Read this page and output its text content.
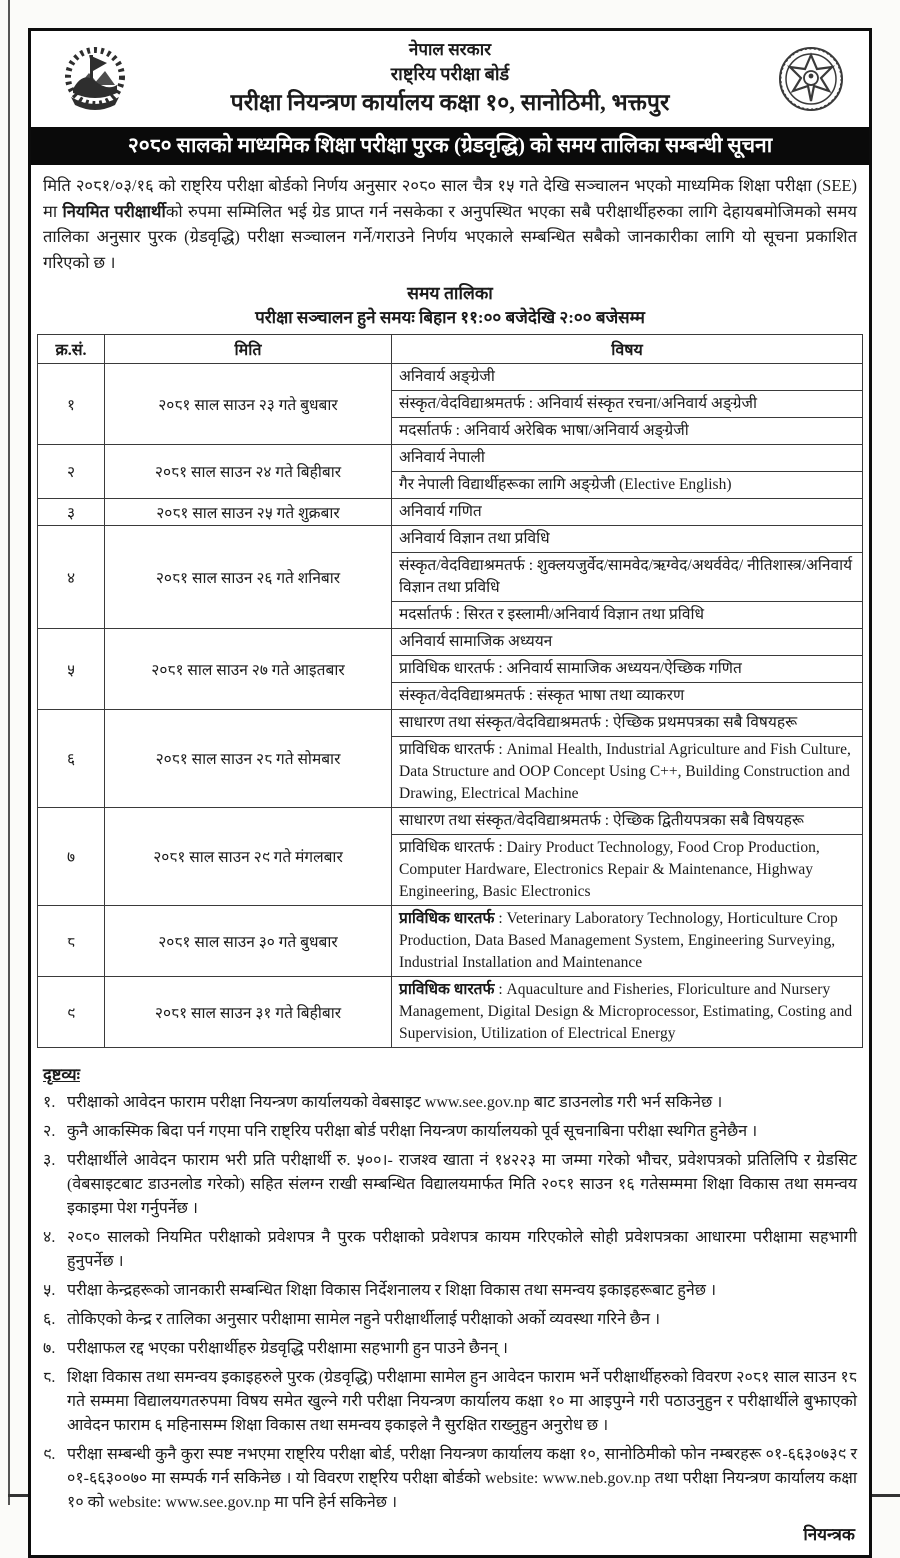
नेपाल सरकार
राष्ट्रिय परीक्षा बोर्ड
परीक्षा नियन्त्रण कार्यालय कक्षा १०, सानोठिमी, भक्तपुर
२०८० सालको माध्यमिक शिक्षा परीक्षा पुरक (ग्रेडवृद्धि) को समय तालिका सम्बन्धी सूचना
मिति २०८१/०३/१६ को राष्ट्रिय परीक्षा बोर्डको निर्णय अनुसार २०८० साल चैत्र १५ गते देखि सञ्चालन भएको माध्यमिक शिक्षा परीक्षा (SEE) मा नियमित परीक्षार्थीको रुपमा सम्मिलित भई ग्रेड प्राप्त गर्न नसकेका र अनुपस्थित भएका सबै परीक्षार्थीहरुका लागि देहायबमोजिमको समय तालिका अनुसार पुरक (ग्रेडवृद्धि) परीक्षा सञ्चालन गर्ने/गराउने निर्णय भएकाले सम्बन्धित सबैको जानकारीका लागि यो सूचना प्रकाशित गरिएको छ ।
समय तालिका
परीक्षा सञ्चालन हुने समयः बिहान ११:०० बजेदेखि २:०० बजेसम्म
क्र.सं.	मिति	विषय
१	२०८१ साल साउन २३ गते बुधबार	अनिवार्य अङ्ग्रेजी
		संस्कृत/वेदविद्याश्रमतर्फ : अनिवार्य संस्कृत रचना/अनिवार्य अङ्ग्रेजी
		मदर्सातर्फ : अनिवार्य अरेबिक भाषा/अनिवार्य अङ्ग्रेजी
२	२०८१ साल साउन २४ गते बिहीबार	अनिवार्य नेपाली
		गैर नेपाली विद्यार्थीहरूका लागि अङ्ग्रेजी (Elective English)
३	२०८१ साल साउन २५ गते शुक्रबार	अनिवार्य गणित
४	२०८१ साल साउन २६ गते शनिबार	अनिवार्य विज्ञान तथा प्रविधि
		संस्कृत/वेदविद्याश्रमतर्फ : शुक्लयजुर्वेद/सामवेद/ऋग्वेद/अथर्ववेद/ नीतिशास्त्र/अनिवार्य विज्ञान तथा प्रविधि
		मदर्सातर्फ : सिरत र इस्लामी/अनिवार्य विज्ञान तथा प्रविधि
५	२०८१ साल साउन २७ गते आइतबार	अनिवार्य सामाजिक अध्ययन
		प्राविधिक धारतर्फ : अनिवार्य सामाजिक अध्ययन/ऐच्छिक गणित
		संस्कृत/वेदविद्याश्रमतर्फ : संस्कृत भाषा तथा व्याकरण
६	२०८१ साल साउन २८ गते सोमबार	साधारण तथा संस्कृत/वेदविद्याश्रमतर्फ : ऐच्छिक प्रथमपत्रका सबै विषयहरू
		प्राविधिक धारतर्फ : Animal Health, Industrial Agriculture and Fish Culture, Data Structure and OOP Concept Using C++, Building Construction and Drawing, Electrical Machine
७	२०८१ साल साउन २९ गते मंगलबार	साधारण तथा संस्कृत/वेदविद्याश्रमतर्फ : ऐच्छिक द्वितीयपत्रका सबै विषयहरू
		प्राविधिक धारतर्फ : Dairy Product Technology, Food Crop Production, Computer Hardware, Electronics Repair & Maintenance, Highway Engineering, Basic Electronics
८	२०८१ साल साउन ३० गते बुधबार	प्राविधिक धारतर्फ : Veterinary Laboratory Technology, Horticulture Crop Production, Data Based Management System, Engineering Surveying, Industrial Installation and Maintenance
९	२०८१ साल साउन ३१ गते बिहीबार	प्राविधिक धारतर्फ : Aquaculture and Fisheries, Floriculture and Nursery Management, Digital Design & Microprocessor, Estimating, Costing and Supervision, Utilization of Electrical Energy
दृष्टव्यः
१. परीक्षाको आवेदन फाराम परीक्षा नियन्त्रण कार्यालयको वेबसाइट www.see.gov.np बाट डाउनलोड गरी भर्न सकिनेछ ।
२. कुनै आकस्मिक बिदा पर्न गएमा पनि राष्ट्रिय परीक्षा बोर्ड परीक्षा नियन्त्रण कार्यालयको पूर्व सूचनाबिना परीक्षा स्थगित हुनेछैन ।
३. परीक्षार्थीले आवेदन फाराम भरी प्रति परीक्षार्थी रु. ५००।- राजश्व खाता नं १४२२३ मा जम्मा गरेको भौचर, प्रवेशपत्रको प्रतिलिपि र ग्रेडसिट (वेबसाइटबाट डाउनलोड गरेको) सहित संलग्न राखी सम्बन्धित विद्यालयमार्फत मिति २०८१ साउन १६ गतेसम्ममा शिक्षा विकास तथा समन्वय इकाइमा पेश गर्नुपर्नेछ ।
४. २०८० सालको नियमित परीक्षाको प्रवेशपत्र नै पुरक परीक्षाको प्रवेशपत्र कायम गरिएकोले सोही प्रवेशपत्रका आधारमा परीक्षामा सहभागी हुनुपर्नेछ ।
५. परीक्षा केन्द्रहरूको जानकारी सम्बन्धित शिक्षा विकास निर्देशनालय र शिक्षा विकास तथा समन्वय इकाइहरूबाट हुनेछ ।
६. तोकिएको केन्द्र र तालिका अनुसार परीक्षामा सामेल नहुने परीक्षार्थीलाई परीक्षाको अर्को व्यवस्था गरिने छैन ।
७. परीक्षाफल रद्द भएका परीक्षार्थीहरु ग्रेडवृद्धि परीक्षामा सहभागी हुन पाउने छैनन् ।
८. शिक्षा विकास तथा समन्वय इकाइहरुले पुरक (ग्रेडवृद्धि) परीक्षामा सामेल हुन आवेदन फाराम भर्ने परीक्षार्थीहरुको विवरण २०८१ साल साउन १८ गते सम्ममा विद्यालयगतरुपमा विषय समेत खुल्ने गरी परीक्षा नियन्त्रण कार्यालय कक्षा १० मा आइपुग्ने गरी पठाउनुहुन र परीक्षार्थीले बुझाएको आवेदन फाराम ६ महिनासम्म शिक्षा विकास तथा समन्वय इकाइले नै सुरक्षित राख्नुहुन अनुरोध छ ।
९. परीक्षा सम्बन्धी कुनै कुरा स्पष्ट नभएमा राष्ट्रिय परीक्षा बोर्ड, परीक्षा नियन्त्रण कार्यालय कक्षा १०, सानोठिमीको फोन नम्बरहरू ०१-६६३०७३९ र ०१-६६३००७० मा सम्पर्क गर्न सकिनेछ । यो विवरण राष्ट्रिय परीक्षा बोर्डको website: www.neb.gov.np तथा परीक्षा नियन्त्रण कार्यालय कक्षा १० को website: www.see.gov.np मा पनि हेर्न सकिनेछ ।
नियन्त्रक
